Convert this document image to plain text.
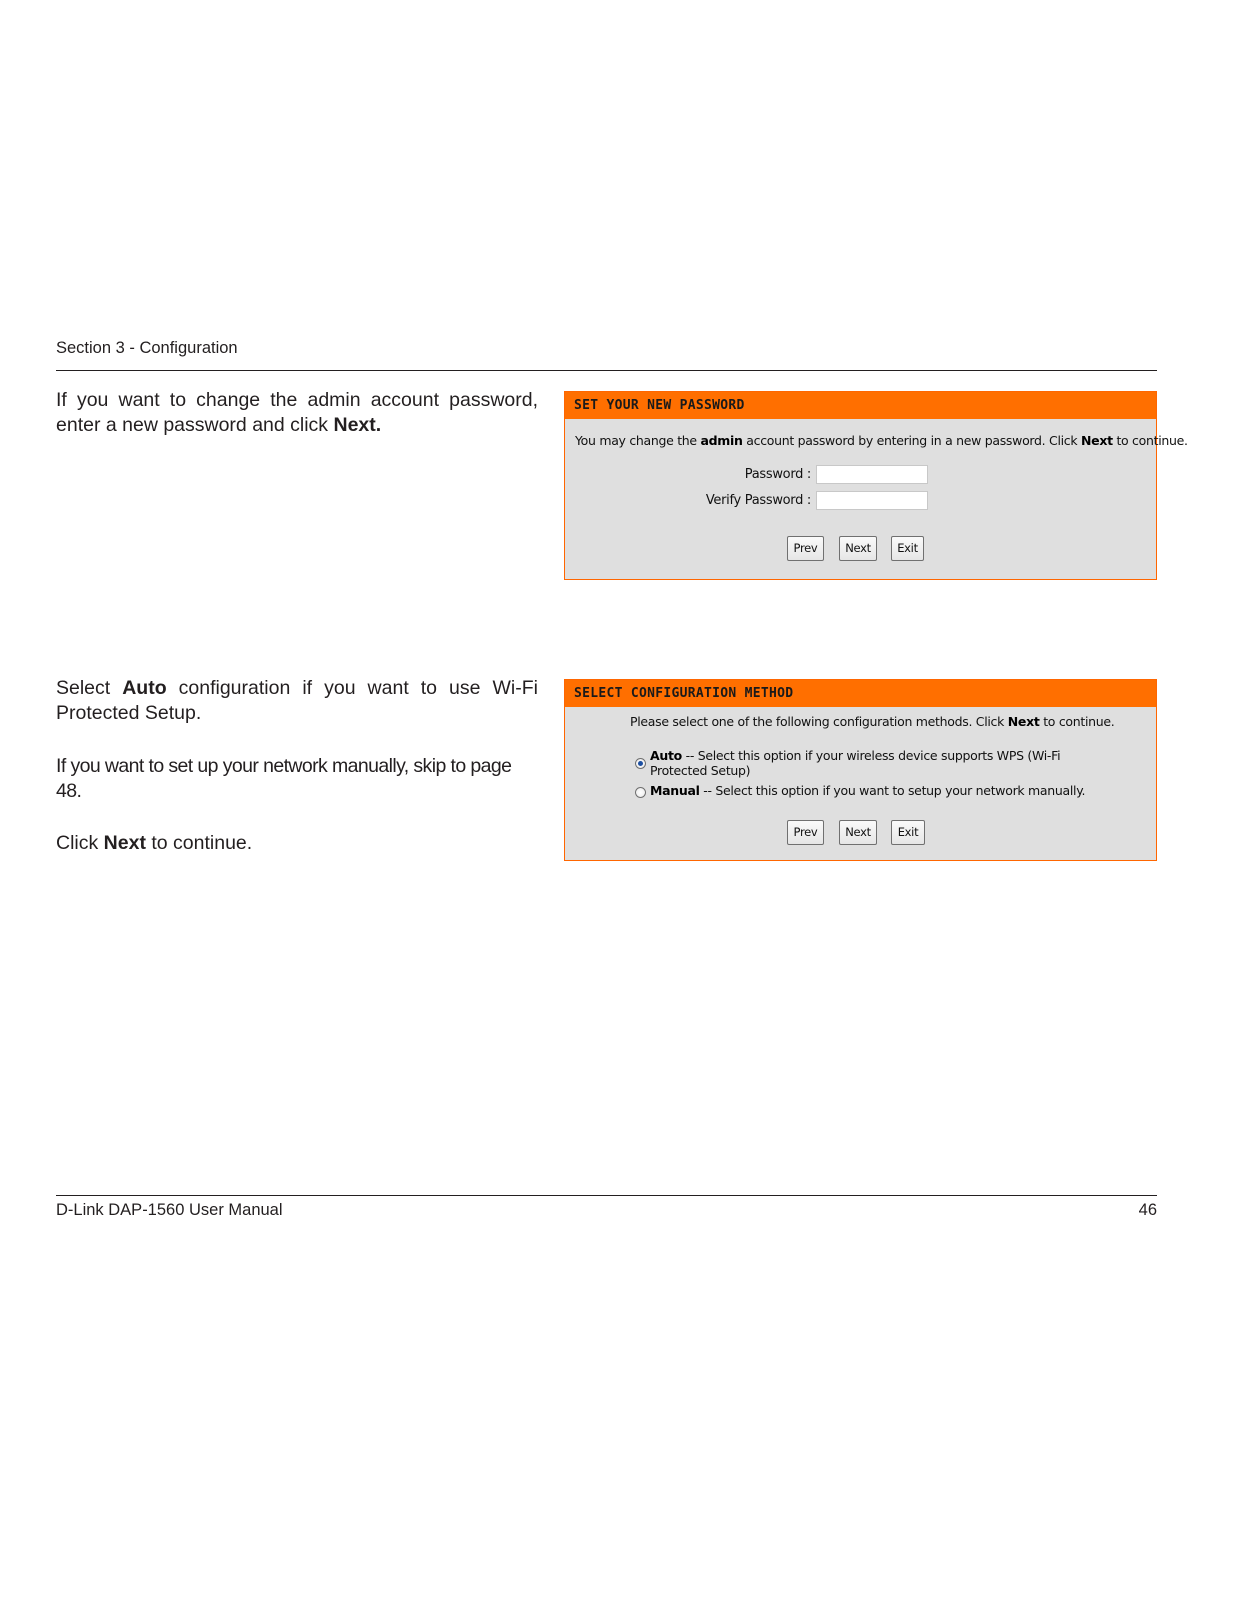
Section 3 - Configuration

If you want to change the admin account password, enter a new password and click Next.

SET YOUR NEW PASSWORD
You may change the admin account password by entering in a new password. Click Next to continue.
Password :
Verify Password :
Prev	Next	Exit

Select Auto configuration if you want to use Wi-Fi Protected Setup.

If you want to set up your network manually, skip to page 48.

Click Next to continue.

SELECT CONFIGURATION METHOD
Please select one of the following configuration methods. Click Next to continue.
Auto -- Select this option if your wireless device supports WPS (Wi-Fi Protected Setup)
Manual -- Select this option if you want to setup your network manually.
Prev	Next	Exit
D-Link DAP-1560 User Manual	46
